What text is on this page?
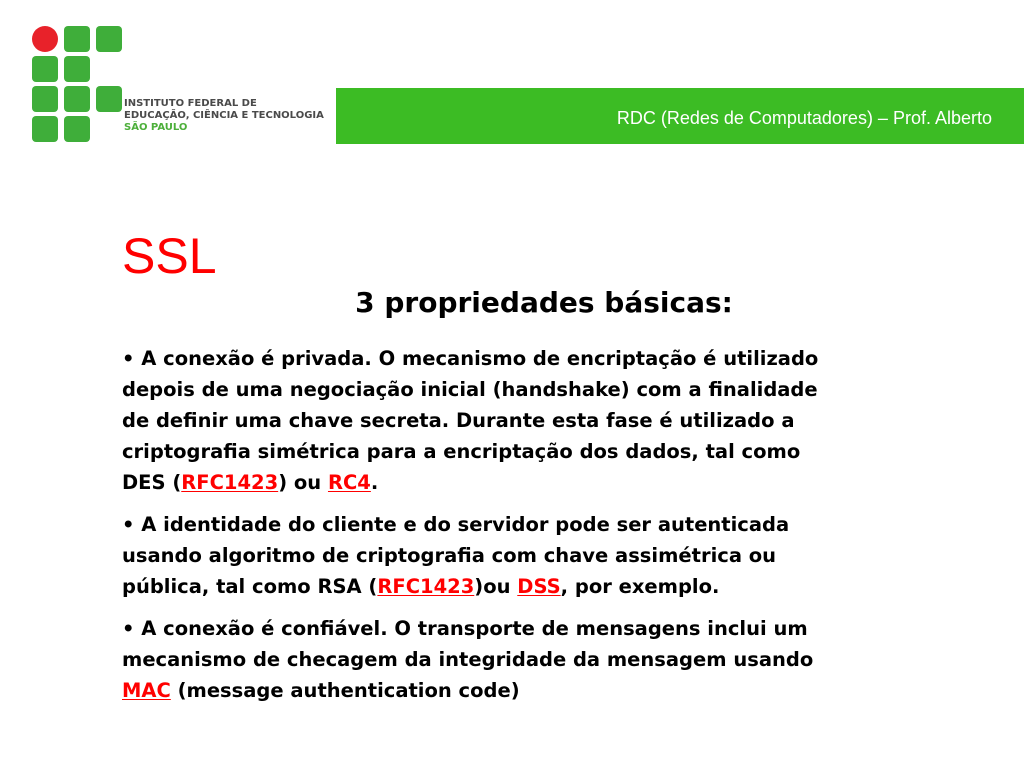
INSTITUTO FEDERAL DE
EDUCAÇÃO, CIÊNCIA E TECNOLOGIA
SÃO PAULO	RDC (Redes de Computadores) – Prof. Alberto
SSL
3 propriedades básicas:
• A conexão é privada. O mecanismo de encriptação é utilizado
depois de uma negociação inicial (handshake) com a finalidade
de definir uma chave secreta. Durante esta fase é utilizado a
criptografia simétrica para a encriptação dos dados, tal como
DES (RFC1423) ou RC4.
• A identidade do cliente e do servidor pode ser autenticada
usando algoritmo de criptografia com chave assimétrica ou
pública, tal como RSA (RFC1423)ou DSS, por exemplo.
• A conexão é confiável. O transporte de mensagens inclui um
mecanismo de checagem da integridade da mensagem usando
MAC (message authentication code)
